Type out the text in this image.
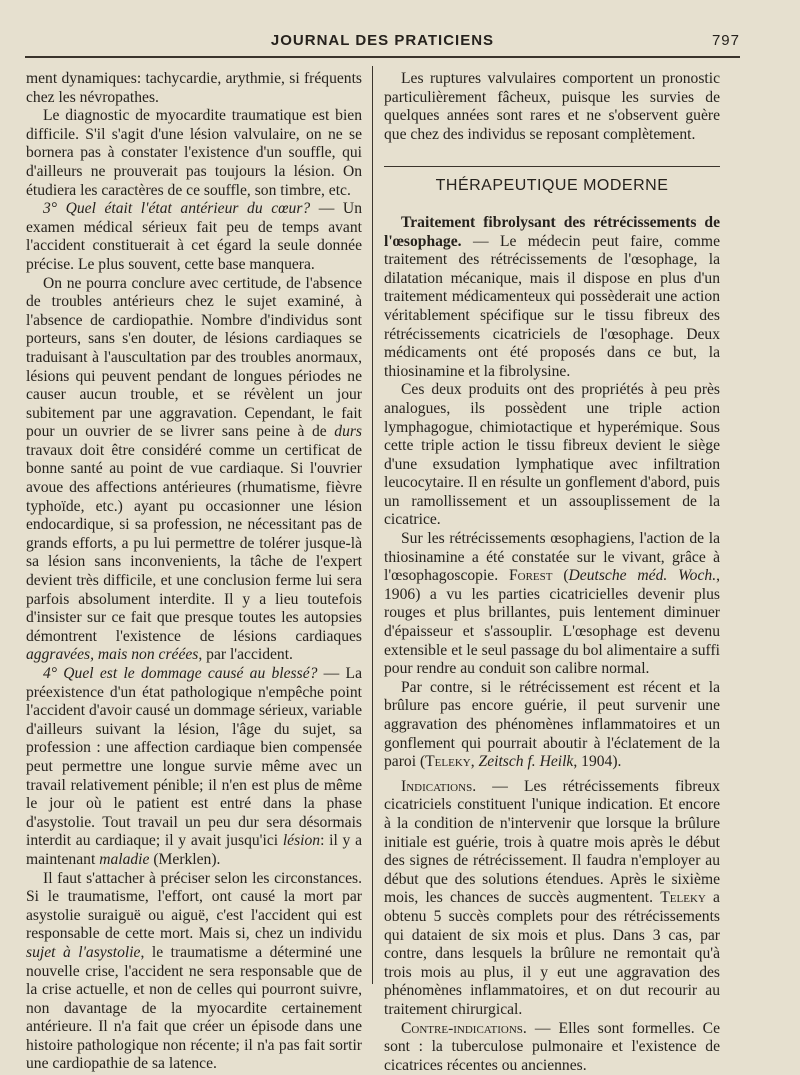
JOURNAL DES PRATICIENS	797

ment dynamiques: tachycardie, arythmie, si fréquents chez les névropathes.

Le diagnostic de myocardite traumatique est bien difficile. S'il s'agit d'une lésion valvulaire, on ne se bornera pas à constater l'existence d'un souffle, qui d'ailleurs ne prouverait pas toujours la lésion. On étudiera les caractères de ce souffle, son timbre, etc.

3° Quel était l'état antérieur du cœur? — Un examen médical sérieux fait peu de temps avant l'accident constituerait à cet égard la seule donnée précise. Le plus souvent, cette base manquera.

On ne pourra conclure avec certitude, de l'absence de troubles antérieurs chez le sujet examiné, à l'absence de cardiopathie. Nombre d'individus sont porteurs, sans s'en douter, de lésions cardiaques se traduisant à l'auscultation par des troubles anormaux, lésions qui peuvent pendant de longues périodes ne causer aucun trouble, et se révèlent un jour subitement par une aggravation. Cependant, le fait pour un ouvrier de se livrer sans peine à de durs travaux doit être considéré comme un certificat de bonne santé au point de vue cardiaque. Si l'ouvrier avoue des affections antérieures (rhumatisme, fièvre typhoïde, etc.) ayant pu occasionner une lésion endocardique, si sa profession, ne nécessitant pas de grands efforts, a pu lui permettre de tolérer jusque-là sa lésion sans inconvenients, la tâche de l'expert devient très difficile, et une conclusion ferme lui sera parfois absolument interdite. Il y a lieu toutefois d'insister sur ce fait que presque toutes les autopsies démontrent l'existence de lésions cardiaques aggravées, mais non créées, par l'accident.

4° Quel est le dommage causé au blessé? — La préexistence d'un état pathologique n'empêche point l'accident d'avoir causé un dommage sérieux, variable d'ailleurs suivant la lésion, l'âge du sujet, sa profession : une affection cardiaque bien compensée peut permettre une longue survie même avec un travail relativement pénible; il n'en est plus de même le jour où le patient est entré dans la phase d'asystolie. Tout travail un peu dur sera désormais interdit au cardiaque; il y avait jusqu'ici lésion: il y a maintenant maladie (Merklen).

Il faut s'attacher à préciser selon les circonstances. Si le traumatisme, l'effort, ont causé la mort par asystolie suraiguë ou aiguë, c'est l'accident qui est responsable de cette mort. Mais si, chez un individu sujet à l'asystolie, le traumatisme a déterminé une nouvelle crise, l'accident ne sera responsable que de la crise actuelle, et non de celles qui pourront suivre, non davantage de la myocardite certainement antérieure. Il n'a fait que créer un épisode dans une histoire pathologique non récente; il n'a pas fait sortir une cardiopathie de sa latence.

Les ruptures valvulaires comportent un pronostic particulièrement fâcheux, puisque les survies de quelques années sont rares et ne s'observent guère que chez des individus se reposant complètement.

THÉRAPEUTIQUE MODERNE

Traitement fibrolysant des rétrécissements de l'œsophage. — Le médecin peut faire, comme traitement des rétrécissements de l'œsophage, la dilatation mécanique, mais il dispose en plus d'un traitement médicamenteux qui possèderait une action véritablement spécifique sur le tissu fibreux des rétrécissements cicatriciels de l'œsophage. Deux médicaments ont été proposés dans ce but, la thiosinamine et la fibrolysine.

Ces deux produits ont des propriétés à peu près analogues, ils possèdent une triple action lymphagogue, chimiotactique et hyperémique. Sous cette triple action le tissu fibreux devient le siège d'une exsudation lymphatique avec infiltration leucocytaire. Il en résulte un gonflement d'abord, puis un ramollissement et un assouplissement de la cicatrice.

Sur les rétrécissements œsophagiens, l'action de la thiosinamine a été constatée sur le vivant, grâce à l'œsophagoscopie. Forest (Deutsche méd. Woch., 1906) a vu les parties cicatricielles devenir plus rouges et plus brillantes, puis lentement diminuer d'épaisseur et s'assouplir. L'œsophage est devenu extensible et le seul passage du bol alimentaire a suffi pour rendre au conduit son calibre normal.

Par contre, si le rétrécissement est récent et la brûlure pas encore guérie, il peut survenir une aggravation des phénomènes inflammatoires et un gonflement qui pourrait aboutir à l'éclatement de la paroi (Teleky, Zeitsch f. Heilk, 1904).

Indications. — Les rétrécissements fibreux cicatriciels constituent l'unique indication. Et encore à la condition de n'intervenir que lorsque la brûlure initiale est guérie, trois à quatre mois après le début des signes de rétrécissement. Il faudra n'employer au début que des solutions étendues. Après le sixième mois, les chances de succès augmentent. Teleky a obtenu 5 succès complets pour des rétrécissements qui dataient de six mois et plus. Dans 3 cas, par contre, dans lesquels la brûlure ne remontait qu'à trois mois au plus, il y eut une aggravation des phénomènes inflammatoires, et on dut recourir au traitement chirurgical.

Contre-indications. — Elles sont formelles. Ce sont : la tuberculose pulmonaire et l'existence de cicatrices récentes ou anciennes.
